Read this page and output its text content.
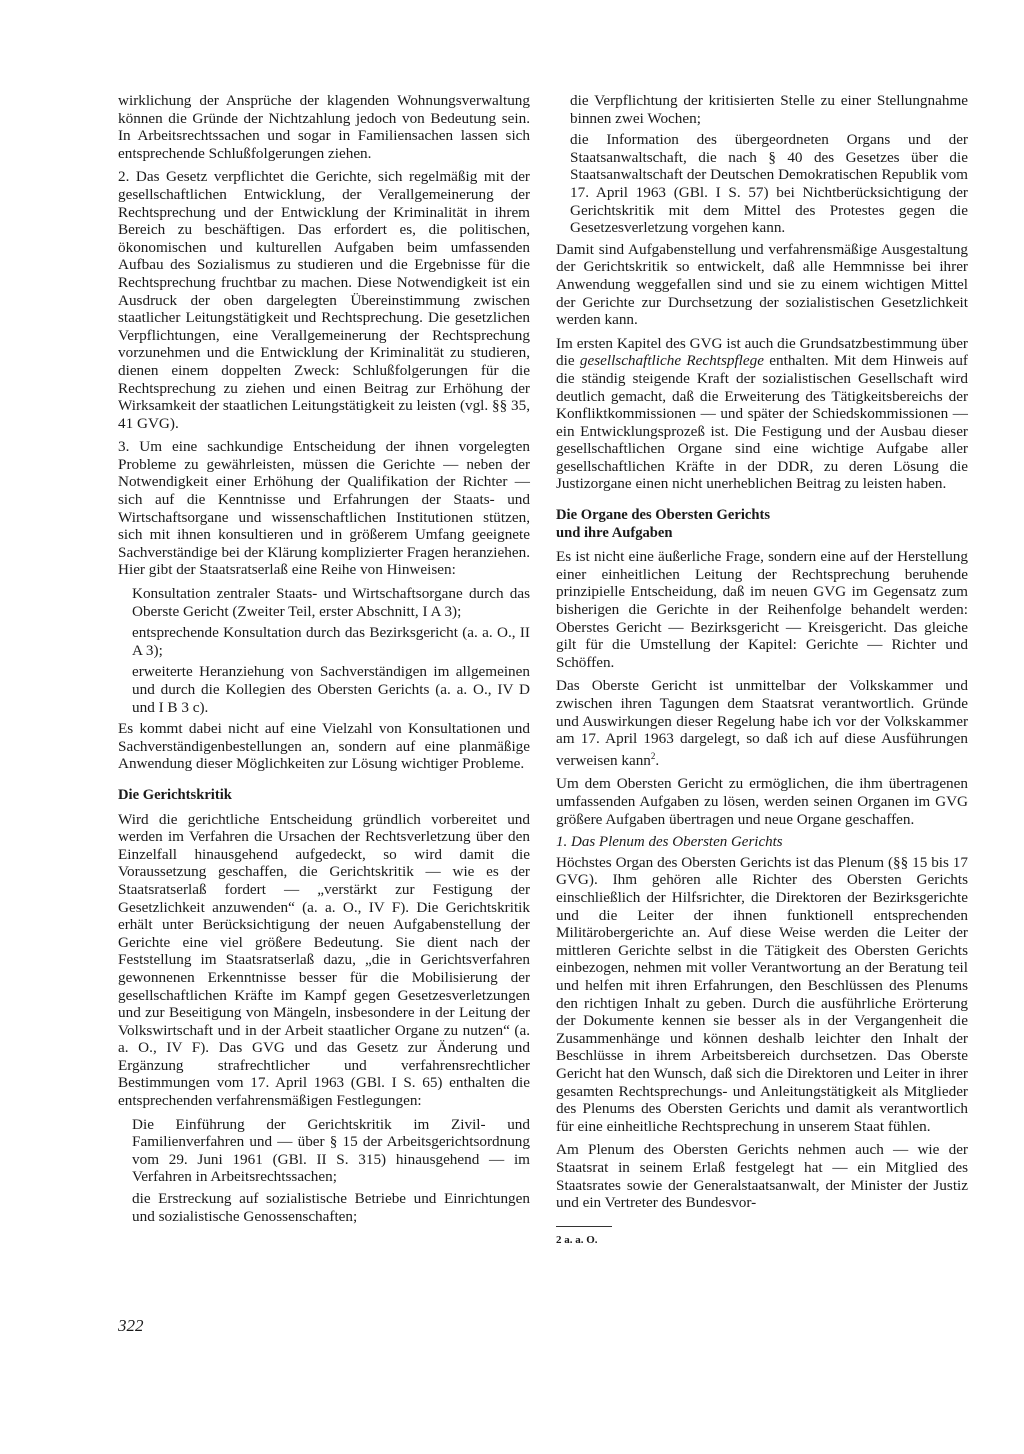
wirklichung der Ansprüche der klagenden Wohnungsverwaltung können die Gründe der Nichtzahlung jedoch von Bedeutung sein. In Arbeitsrechtssachen und sogar in Familiensachen lassen sich entsprechende Schlußfolgerungen ziehen.

2. Das Gesetz verpflichtet die Gerichte, sich regelmäßig mit der gesellschaftlichen Entwicklung, der Verallgemeinerung der Rechtsprechung und der Entwicklung der Kriminalität in ihrem Bereich zu beschäftigen. Das erfordert es, die politischen, ökonomischen und kulturellen Aufgaben beim umfassenden Aufbau des Sozialismus zu studieren und die Ergebnisse für die Rechtsprechung fruchtbar zu machen. Diese Notwendigkeit ist ein Ausdruck der oben dargelegten Übereinstimmung zwischen staatlicher Leitungstätigkeit und Rechtsprechung. Die gesetzlichen Verpflichtungen, eine Verallgemeinerung der Rechtsprechung vorzunehmen und die Entwicklung der Kriminalität zu studieren, dienen einem doppelten Zweck: Schlußfolgerungen für die Rechtsprechung zu ziehen und einen Beitrag zur Erhöhung der Wirksamkeit der staatlichen Leitungstätigkeit zu leisten (vgl. §§ 35, 41 GVG).

3. Um eine sachkundige Entscheidung der ihnen vorgelegten Probleme zu gewährleisten, müssen die Gerichte — neben der Notwendigkeit einer Erhöhung der Qualifikation der Richter — sich auf die Kenntnisse und Erfahrungen der Staats- und Wirtschaftsorgane und wissenschaftlichen Institutionen stützen, sich mit ihnen konsultieren und in größerem Umfang geeignete Sachverständige bei der Klärung komplizierter Fragen heranziehen. Hier gibt der Staatsratserlaß eine Reihe von Hinweisen:

Konsultation zentraler Staats- und Wirtschaftsorgane durch das Oberste Gericht (Zweiter Teil, erster Abschnitt, I A 3);

entsprechende Konsultation durch das Bezirksgericht (a. a. O., II A 3);

erweiterte Heranziehung von Sachverständigen im allgemeinen und durch die Kollegien des Obersten Gerichts (a. a. O., IV D und I B 3 c).

Es kommt dabei nicht auf eine Vielzahl von Konsultationen und Sachverständigenbestellungen an, sondern auf eine planmäßige Anwendung dieser Möglichkeiten zur Lösung wichtiger Probleme.

Die Gerichtskritik

Wird die gerichtliche Entscheidung gründlich vorbereitet und werden im Verfahren die Ursachen der Rechtsverletzung über den Einzelfall hinausgehend aufgedeckt, so wird damit die Voraussetzung geschaffen, die Gerichtskritik — wie es der Staatsratserlaß fordert — „verstärkt zur Festigung der Gesetzlichkeit anzuwenden“ (a. a. O., IV F). Die Gerichtskritik erhält unter Berücksichtigung der neuen Aufgabenstellung der Gerichte eine viel größere Bedeutung. Sie dient nach der Feststellung im Staatsratserlaß dazu, „die in Gerichtsverfahren gewonnenen Erkenntnisse besser für die Mobilisierung der gesellschaftlichen Kräfte im Kampf gegen Gesetzesverletzungen und zur Beseitigung von Mängeln, insbesondere in der Leitung der Volkswirtschaft und in der Arbeit staatlicher Organe zu nutzen“ (a. a. O., IV F). Das GVG und das Gesetz zur Änderung und Ergänzung strafrechtlicher und verfahrensrechtlicher Bestimmungen vom 17. April 1963 (GBl. I S. 65) enthalten die entsprechenden verfahrensmäßigen Festlegungen:

Die Einführung der Gerichtskritik im Zivil- und Familienverfahren und — über § 15 der Arbeitsgerichtsordnung vom 29. Juni 1961 (GBl. II S. 315) hinausgehend — im Verfahren in Arbeitsrechtssachen;

die Erstreckung auf sozialistische Betriebe und Einrichtungen und sozialistische Genossenschaften;

die Verpflichtung der kritisierten Stelle zu einer Stellungnahme binnen zwei Wochen;

die Information des übergeordneten Organs und der Staatsanwaltschaft, die nach § 40 des Gesetzes über die Staatsanwaltschaft der Deutschen Demokratischen Republik vom 17. April 1963 (GBl. I S. 57) bei Nichtberücksichtigung der Gerichtskritik mit dem Mittel des Protestes gegen die Gesetzesverletzung vorgehen kann.

Damit sind Aufgabenstellung und verfahrensmäßige Ausgestaltung der Gerichtskritik so entwickelt, daß alle Hemmnisse bei ihrer Anwendung weggefallen sind und sie zu einem wichtigen Mittel der Gerichte zur Durchsetzung der sozialistischen Gesetzlichkeit werden kann.

Im ersten Kapitel des GVG ist auch die Grundsatzbestimmung über die gesellschaftliche Rechtspflege enthalten. Mit dem Hinweis auf die ständig steigende Kraft der sozialistischen Gesellschaft wird deutlich gemacht, daß die Erweiterung des Tätigkeitsbereichs der Konfliktkommissionen — und später der Schiedskommissionen — ein Entwicklungsprozeß ist. Die Festigung und der Ausbau dieser gesellschaftlichen Organe sind eine wichtige Aufgabe aller gesellschaftlichen Kräfte in der DDR, zu deren Lösung die Justizorgane einen nicht unerheblichen Beitrag zu leisten haben.

Die Organe des Obersten Gerichts
und ihre Aufgaben

Es ist nicht eine äußerliche Frage, sondern eine auf der Herstellung einer einheitlichen Leitung der Rechtsprechung beruhende prinzipielle Entscheidung, daß im neuen GVG im Gegensatz zum bisherigen die Gerichte in der Reihenfolge behandelt werden: Oberstes Gericht — Bezirksgericht — Kreisgericht. Das gleiche gilt für die Umstellung der Kapitel: Gerichte — Richter und Schöffen.

Das Oberste Gericht ist unmittelbar der Volkskammer und zwischen ihren Tagungen dem Staatsrat verantwortlich. Gründe und Auswirkungen dieser Regelung habe ich vor der Volkskammer am 17. April 1963 dargelegt, so daß ich auf diese Ausführungen verweisen kann$^2$.

Um dem Obersten Gericht zu ermöglichen, die ihm übertragenen umfassenden Aufgaben zu lösen, werden seinen Organen im GVG größere Aufgaben übertragen und neue Organe geschaffen.

1. Das Plenum des Obersten Gerichts

Höchstes Organ des Obersten Gerichts ist das Plenum (§§ 15 bis 17 GVG). Ihm gehören alle Richter des Obersten Gerichts einschließlich der Hilfsrichter, die Direktoren der Bezirksgerichte und die Leiter der ihnen funktionell entsprechenden Militärobergerichte an. Auf diese Weise werden die Leiter der mittleren Gerichte selbst in die Tätigkeit des Obersten Gerichts einbezogen, nehmen mit voller Verantwortung an der Beratung teil und helfen mit ihren Erfahrungen, den Beschlüssen des Plenums den richtigen Inhalt zu geben. Durch die ausführliche Erörterung der Dokumente kennen sie besser als in der Vergangenheit die Zusammenhänge und können deshalb leichter den Inhalt der Beschlüsse in ihrem Arbeitsbereich durchsetzen. Das Oberste Gericht hat den Wunsch, daß sich die Direktoren und Leiter in ihrer gesamten Rechtsprechungs- und Anleitungstätigkeit als Mitglieder des Plenums des Obersten Gerichts und damit als verantwortlich für eine einheitliche Rechtsprechung in unserem Staat fühlen.

Am Plenum des Obersten Gerichts nehmen auch — wie der Staatsrat in seinem Erlaß festgelegt hat — ein Mitglied des Staatsrates sowie der Generalstaatsanwalt, der Minister der Justiz und ein Vertreter des Bundesvor-

2 a. a. O.
322
